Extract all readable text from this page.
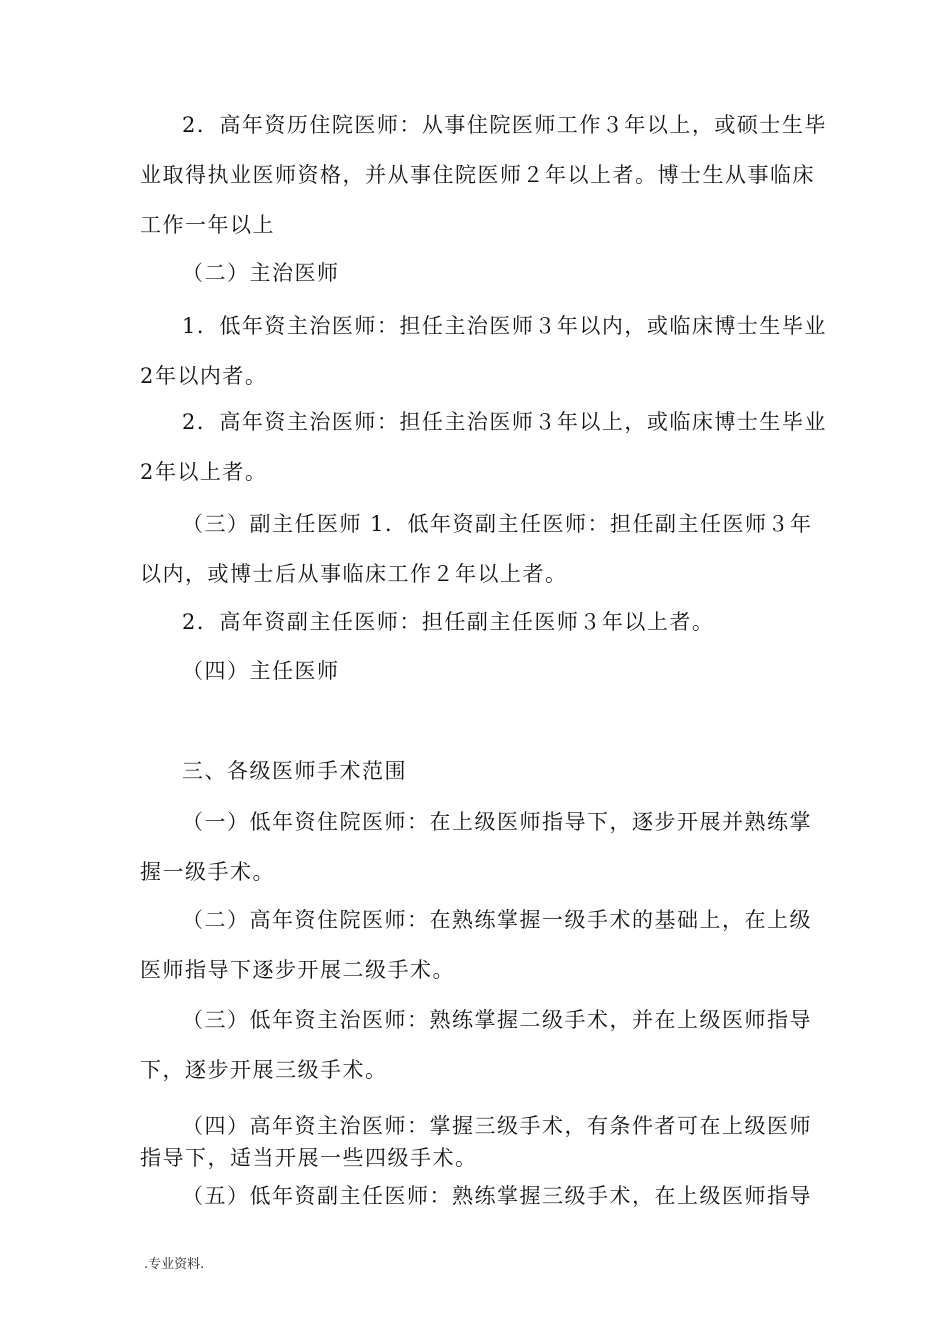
2．高年资历住院医师：从事住院医师工作３年以上，或硕士生毕业取得执业医师资格，并从事住院医师２年以上者。博士生从事临床工作一年以上

（二）主治医师

1．低年资主治医师：担任主治医师３年以内，或临床博士生毕业2年以内者。

2．高年资主治医师：担任主治医师３年以上，或临床博士生毕业2年以上者。

（三）副主任医师 1．低年资副主任医师：担任副主任医师３年以内，或博士后从事临床工作２年以上者。

2．高年资副主任医师：担任副主任医师３年以上者。

（四）主任医师

三、各级医师手术范围

（一）低年资住院医师：在上级医师指导下，逐步开展并熟练掌握一级手术。

（二）高年资住院医师：在熟练掌握一级手术的基础上，在上级医师指导下逐步开展二级手术。

（三）低年资主治医师：熟练掌握二级手术，并在上级医师指导下，逐步开展三级手术。

（四）高年资主治医师：掌握三级手术，有条件者可在上级医师指导下，适当开展一些四级手术。

（五）低年资副主任医师：熟练掌握三级手术，在上级医师指导

.专业资料.
